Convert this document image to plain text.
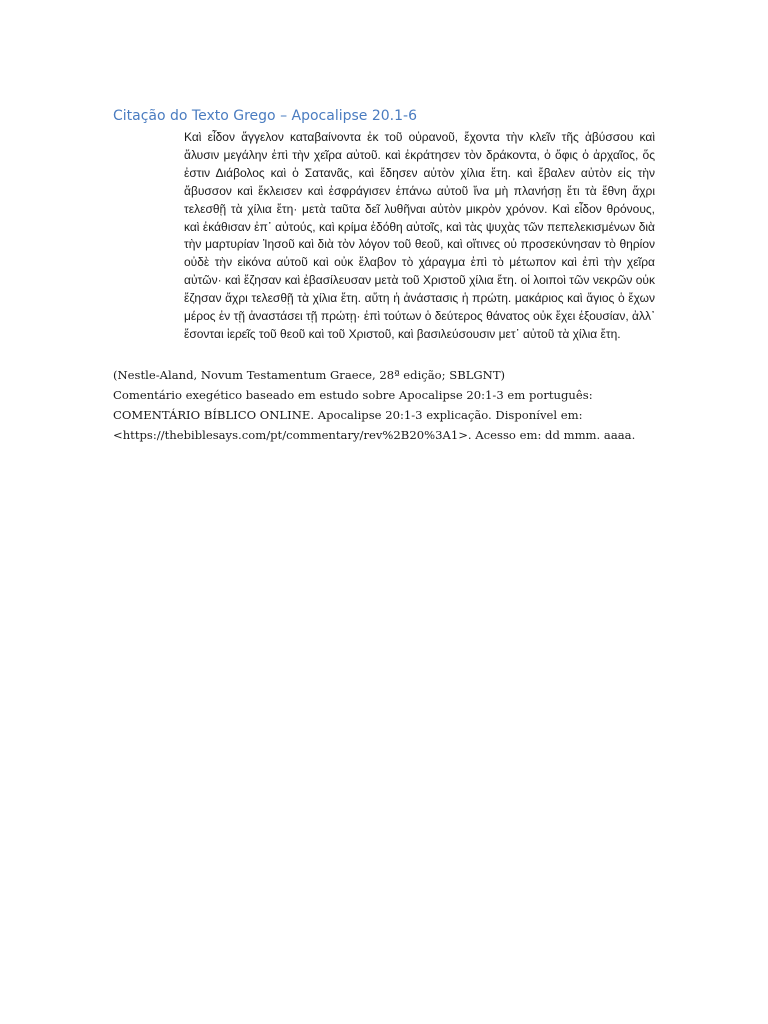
Citação do Texto Grego – Apocalipse 20.1-6

Καὶ εἶδον ἄγγελον καταβαίνοντα ἐκ τοῦ οὐρανοῦ, ἔχοντα τὴν κλεῖν τῆς ἀβύσσου καὶ ἅλυσιν μεγάλην ἐπὶ τὴν χεῖρα αὐτοῦ. καὶ ἐκράτησεν τὸν δράκοντα, ὁ ὄφις ὁ ἀρχαῖος, ὅς ἐστιν Διάβολος καὶ ὁ Σατανᾶς, καὶ ἔδησεν αὐτὸν χίλια ἔτη. καὶ ἔβαλεν αὐτὸν εἰς τὴν ἄβυσσον καὶ ἔκλεισεν καὶ ἐσφράγισεν ἐπάνω αὐτοῦ ἵνα μὴ πλανήσῃ ἔτι τὰ ἔθνη ἄχρι τελεσθῇ τὰ χίλια ἔτη· μετὰ ταῦτα δεῖ λυθῆναι αὐτὸν μικρὸν χρόνον. Καὶ εἶδον θρόνους, καὶ ἐκάθισαν ἐπ᾽ αὐτούς, καὶ κρίμα ἐδόθη αὐτοῖς, καὶ τὰς ψυχὰς τῶν πεπελεκισμένων διὰ τὴν μαρτυρίαν Ἰησοῦ καὶ διὰ τὸν λόγον τοῦ θεοῦ, καὶ οἵτινες οὐ προσεκύνησαν τὸ θηρίον οὐδὲ τὴν εἰκόνα αὐτοῦ καὶ οὐκ ἔλαβον τὸ χάραγμα ἐπὶ τὸ μέτωπον καὶ ἐπὶ τὴν χεῖρα αὐτῶν· καὶ ἔζησαν καὶ ἐβασίλευσαν μετὰ τοῦ Χριστοῦ χίλια ἔτη. οἱ λοιποὶ τῶν νεκρῶν οὐκ ἔζησαν ἄχρι τελεσθῇ τὰ χίλια ἔτη. αὕτη ἡ ἀνάστασις ἡ πρώτη. μακάριος καὶ ἅγιος ὁ ἔχων μέρος ἐν τῇ ἀναστάσει τῇ πρώτῃ· ἐπὶ τούτων ὁ δεύτερος θάνατος οὐκ ἔχει ἐξουσίαν, ἀλλ᾽ ἔσονται ἱερεῖς τοῦ θεοῦ καὶ τοῦ Χριστοῦ, καὶ βασιλεύσουσιν μετ᾽ αὐτοῦ τὰ χίλια ἔτη.

(Nestle-Aland, Novum Testamentum Graece, 28ª edição; SBLGNT)
Comentário exegético baseado em estudo sobre Apocalipse 20:1-3 em português:
COMENTÁRIO BÍBLICO ONLINE. Apocalipse 20:1-3 explicação. Disponível em:
<https://thebiblesays.com/pt/commentary/rev%2B20%3A1>. Acesso em: dd mmm. aaaa.
